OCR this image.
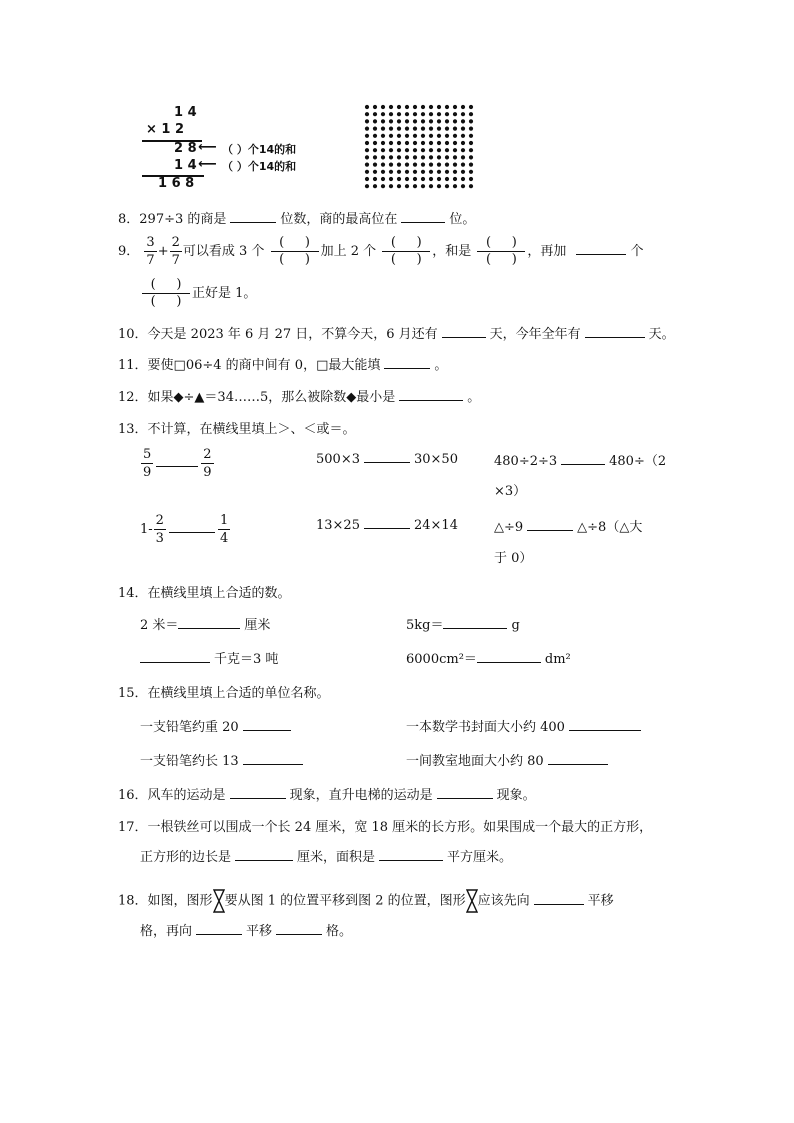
1 4
× 1 2
2 8 ⟵ （ ）个14的和
1 4 ⟵ （ ）个14的和
1 6 8
8．297÷3 的商是	位数，商的最高位在	位。
9． $\frac{3}{7} + \frac{2}{7}$ 可以看成 3 个
(     )
(     )
加上 2 个
(     )
(     )
，和是
(     )
(     )
，再加	个
(     )
(     )
正好是 1。
10．今天是 2023 年 6 月 27 日，不算今天，6 月还有	天，今年全年有	天。
11．要使□06÷4 的商中间有 0，□最大能填	。
12．如果◆÷▲＝34……5，那么被除数◆最小是	。
13．不计算，在横线里填上＞、＜或＝。
$\frac{5}{9}$	$\frac{2}{9}$	500×3	30×50	480÷2÷3	480÷（2
×3）
$1- \frac{2}{3}$	$\frac{1}{4}$	13×25	24×14	△÷9	△÷8（△大
于 0）
14．在横线里填上合适的数。
2 米＝	厘米	5kg＝	g
千克＝3 吨	6000cm²＝	dm²
15．在横线里填上合适的单位名称。
一支铅笔约重 20	一本数学书封面大小约 400
一支铅笔约长 13	一间教室地面大小约 80
16．风车的运动是	现象，直升电梯的运动是	现象。
17．一根铁丝可以围成一个长 24 厘米，宽 18 厘米的长方形。如果围成一个最大的正方形，
正方形的边长是	厘米，面积是	平方厘米。
18．如图，图形 要从图 1 的位置平移到图 2 的位置，图形 应该先向	平移
格，再向	平移	格。
